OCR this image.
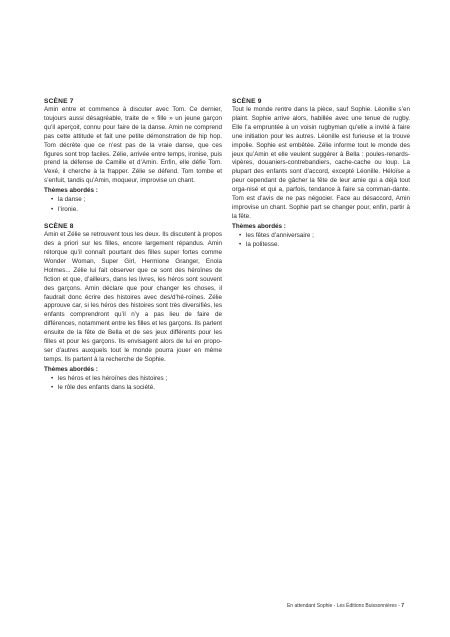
SCÈNE 7

Amin entre et commence à discuter avec Tom. Ce dernier, toujours aussi désagréable, traite de « fille » un jeune garçon qu’il aperçoit, connu pour faire de la danse. Amin ne comprend pas cette attitude et fait une petite démonstration de hip hop. Tom décrète que ce n’est pas de la vraie danse, que ces figures sont trop faciles. Zélie, arrivée entre temps, ironise, puis prend la défense de Camille et d’Amin. Enfin, elle défie Tom. Vexé, il cherche à la frapper. Zélie se défend. Tom tombe et s’enfuit, tandis qu’Amin, moqueur, improvise un chant.

Thèmes abordés :

• la danse ;
• l’ironie.

SCÈNE 8

Amin et Zélie se retrouvent tous les deux. Ils discutent à propos des a priori sur les filles, encore largement répandus. Amin rétorque qu’il connaît pourtant des filles super fortes comme Wonder Woman, Super Girl, Hermione Granger, Enola Holmes... Zélie lui fait observer que ce sont des héroïnes de fiction et que, d’ailleurs, dans les livres, les héros sont souvent des garçons. Amin déclare que pour changer les choses, il faudrait donc écrire des histoires avec des/d’hé-roïnes. Zélie approuve car, si les héros des histoires sont très diversifiés, les enfants comprendront qu’il n’y a pas lieu de faire de différences, notamment entre les filles et les garçons. Ils parlent ensuite de la fête de Bella et de ses jeux différents pour les filles et pour les garçons. Ils envisagent alors de lui en propo-ser d’autres auxquels tout le monde pourra jouer en même temps. Ils partent à la recherche de Sophie.

Thèmes abordés :

• les héros et les héroïnes des histoires ;
• le rôle des enfants dans la société.

SCÈNE 9

Tout le monde rentre dans la pièce, sauf Sophie. Léonille s’en plaint. Sophie arrive alors, habillée avec une tenue de rugby. Elle l’a empruntée à un voisin rugbyman qu’elle a invité à faire une initiation pour les autres. Léonille est furieuse et la trouve impolie. Sophie est embêtée. Zélie informe tout le monde des jeux qu’Amin et elle veulent suggérer à Bella : poules-renards-vipères, douaniers-contrebandiers, cache-cache ou loup. La plupart des enfants sont d’accord, excepté Léonille. Héloïse a peur cependant de gâcher la fête de leur amie qui a déjà tout orga-nisé et qui a, parfois, tendance à faire sa comman-dante. Tom est d’avis de ne pas négocier. Face au désaccord, Amin improvise un chant. Sophie part se changer pour, enfin, partir à la fête.

Thèmes abordés :

• les fêtes d’anniversaire ;
• la politesse.
En attendant Sophie - Les Éditions Buissonnières - 7
